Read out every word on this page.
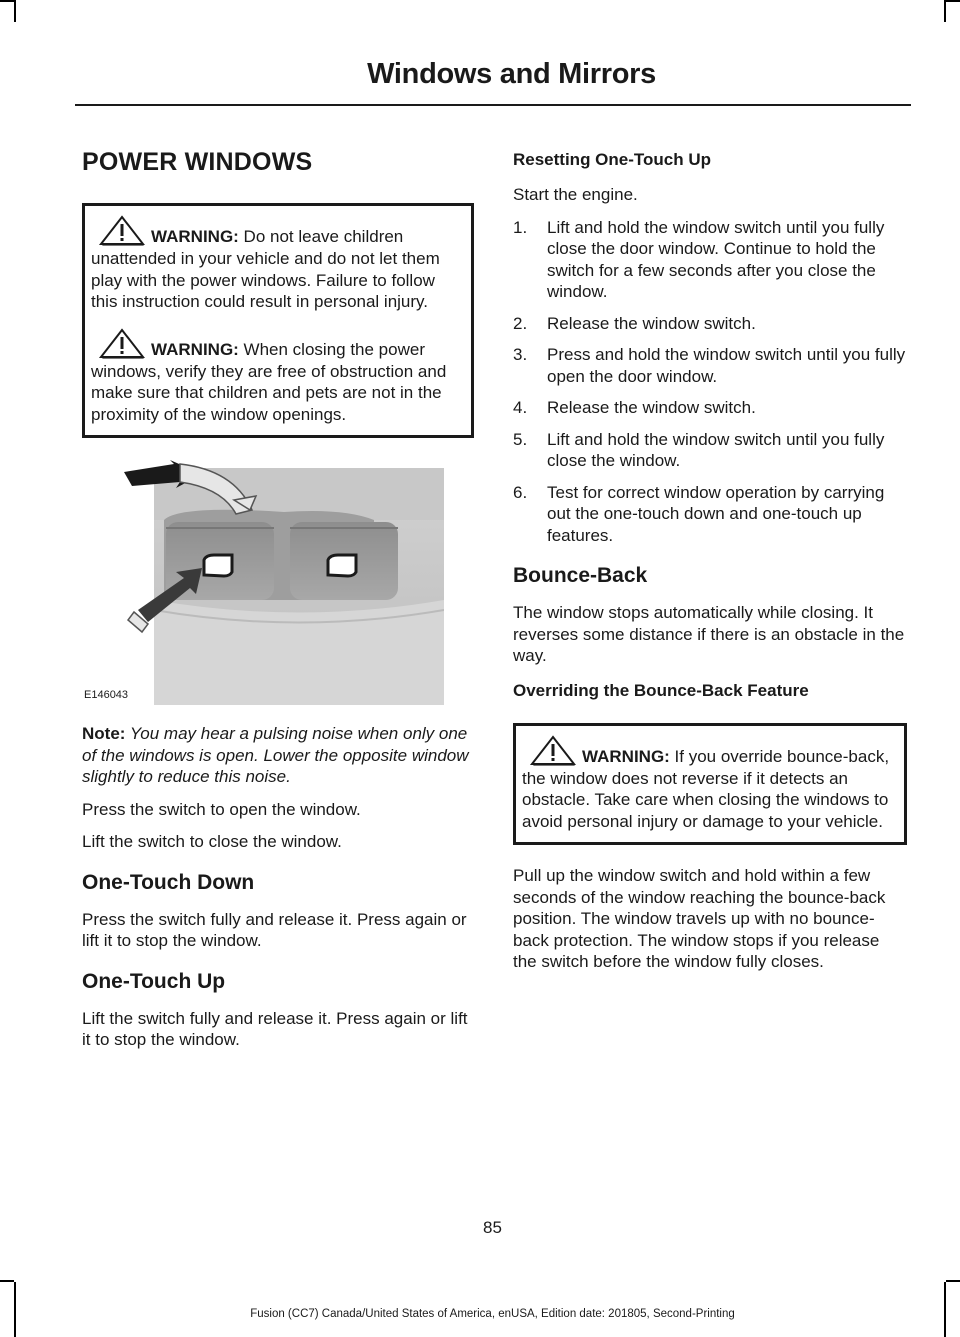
Windows and Mirrors
POWER WINDOWS

WARNING: Do not leave children unattended in your vehicle and do not let them play with the power windows. Failure to follow this instruction could result in personal injury.

WARNING: When closing the power windows, verify they are free of obstruction and make sure that children and pets are not in the proximity of the window openings.

E146043

Note: You may hear a pulsing noise when only one of the windows is open. Lower the opposite window slightly to reduce this noise.

Press the switch to open the window.

Lift the switch to close the window.

One-Touch Down

Press the switch fully and release it. Press again or lift it to stop the window.

One-Touch Up

Lift the switch fully and release it. Press again or lift it to stop the window.

Resetting One-Touch Up

Start the engine.

1. Lift and hold the window switch until you fully close the door window. Continue to hold the switch for a few seconds after you close the window.
2. Release the window switch.
3. Press and hold the window switch until you fully open the door window.
4. Release the window switch.
5. Lift and hold the window switch until you fully close the window.
6. Test for correct window operation by carrying out the one-touch down and one-touch up features.
Bounce-Back

The window stops automatically while closing. It reverses some distance if there is an obstacle in the way.

Overriding the Bounce-Back Feature

WARNING: If you override bounce-back, the window does not reverse if it detects an obstacle. Take care when closing the windows to avoid personal injury or damage to your vehicle.

Pull up the window switch and hold within a few seconds of the window reaching the bounce-back position. The window travels up with no bounce-back protection. The window stops if you release the switch before the window fully closes.

85
Fusion (CC7) Canada/United States of America, enUSA, Edition date: 201805, Second-Printing
